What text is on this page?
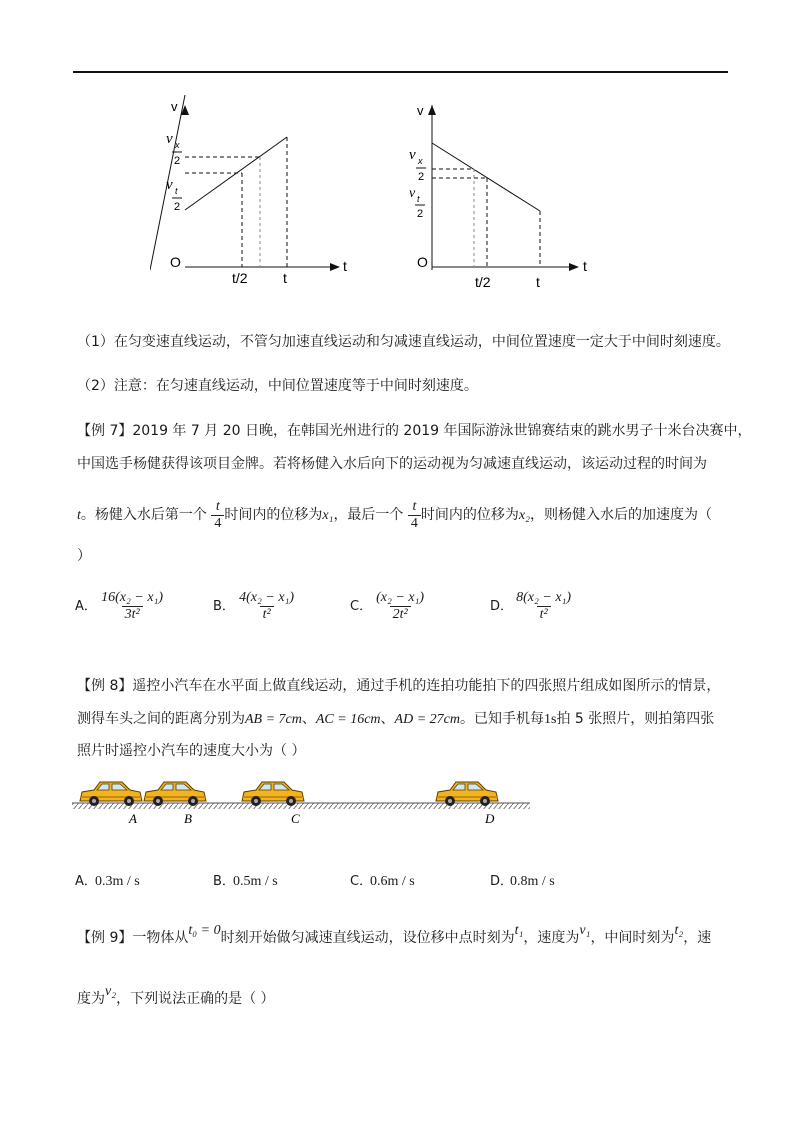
v
t
O
v x
2
v t
2
t/2	t
v
t
O
v x
2
v t
2
t/2	t
（1）在匀变速直线运动，不管匀加速直线运动和匀减速直线运动，中间位置速度一定大于中间时刻速度。
（2）注意：在匀速直线运动，中间位置速度等于中间时刻速度。
【例 7】2019 年 7 月 20 日晚，在韩国光州进行的 2019 年国际游泳世锦赛结束的跳水男子十米台决赛中，
中国选手杨健获得该项目金牌。若将杨健入水后向下的运动视为匀减速直线运动，该运动过程的时间为
t。杨健入水后第一个 $\frac{t}{4}$ 时间内的位移为x₁，最后一个 $\frac{t}{4}$ 时间内的位移为x₂，则杨健入水后的加速度为（
）
A． $\frac{\text{16(x₂ − x₁)}}{\text{3t²}}$	B． $\frac{\text{4(x₂ − x₁)}}{\text{t²}}$	C． $\frac{\text{(x₂ − x₁)}}{\text{2t²}}$	D． $\frac{\text{8(x₂ − x₁)}}{\text{t²}}$
【例 8】遥控小汽车在水平面上做直线运动，通过手机的连拍功能拍下的四张照片组成如图所示的情景，
测得车头之间的距离分别为AB = 7cm、AC = 16cm、AD = 27cm。已知手机每1s拍 5 张照片，则拍第四张
照片时遥控小汽车的速度大小为（ ）
A	B	C	D
A．0.3m / s	B．0.5m / s	C．0.6m / s	D．0.8m / s
【例 9】一物体从t₀ = 0时刻开始做匀减速直线运动，设位移中点时刻为t₁，速度为v₁，中间时刻为t₂，速
度为v₂，下列说法正确的是（ ）
